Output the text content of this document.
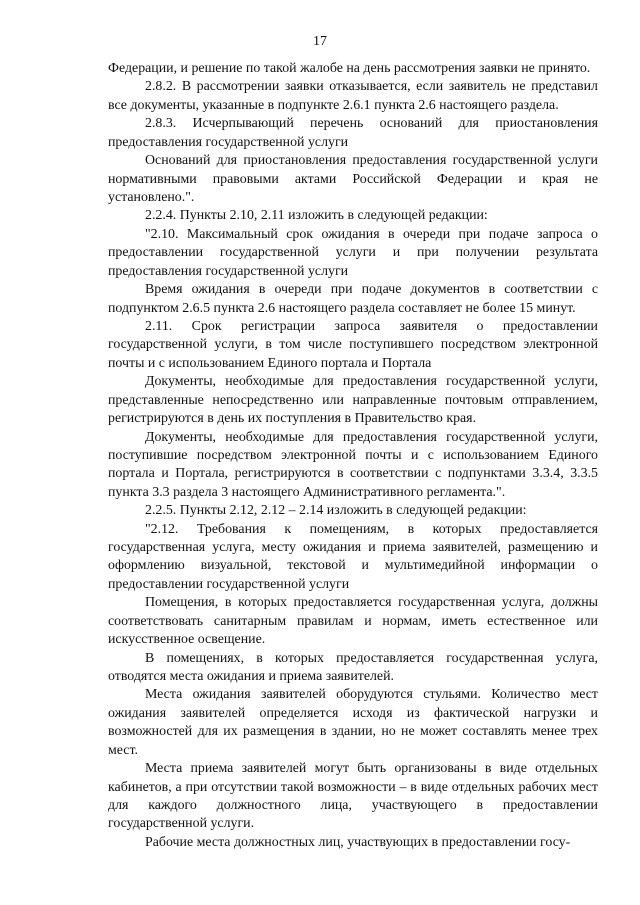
17

Федерации, и решение по такой жалобе на день рассмотрения заявки не принято.

2.8.2. В рассмотрении заявки отказывается, если заявитель не представил все документы, указанные в подпункте 2.6.1 пункта 2.6 настоящего раздела.

2.8.3. Исчерпывающий перечень оснований для приостановления предоставления государственной услуги

Оснований для приостановления предоставления государственной услуги нормативными правовыми актами Российской Федерации и края не установлено.".

2.2.4. Пункты 2.10, 2.11 изложить в следующей редакции:

"2.10. Максимальный срок ожидания в очереди при подаче запроса о предоставлении государственной услуги и при получении результата предоставления государственной услуги

Время ожидания в очереди при подаче документов в соответствии с подпунктом 2.6.5 пункта 2.6 настоящего раздела составляет не более 15 минут.

2.11. Срок регистрации запроса заявителя о предоставлении государственной услуги, в том числе поступившего посредством электронной почты и с использованием Единого портала и Портала

Документы, необходимые для предоставления государственной услуги, представленные непосредственно или направленные почтовым отправлением, регистрируются в день их поступления в Правительство края.

Документы, необходимые для предоставления государственной услуги, поступившие посредством электронной почты и с использованием Единого портала и Портала, регистрируются в соответствии с подпунктами 3.3.4, 3.3.5 пункта 3.3 раздела 3 настоящего Административного регламента.".

2.2.5. Пункты 2.12, 2.12 – 2.14 изложить в следующей редакции:

"2.12. Требования к помещениям, в которых предоставляется государственная услуга, месту ожидания и приема заявителей, размещению и оформлению визуальной, текстовой и мультимедийной информации о предоставлении государственной услуги

Помещения, в которых предоставляется государственная услуга, должны соответствовать санитарным правилам и нормам, иметь естественное или искусственное освещение.

В помещениях, в которых предоставляется государственная услуга, отводятся места ожидания и приема заявителей.

Места ожидания заявителей оборудуются стульями. Количество мест ожидания заявителей определяется исходя из фактической нагрузки и возможностей для их размещения в здании, но не может составлять менее трех мест.

Места приема заявителей могут быть организованы в виде отдельных кабинетов, а при отсутствии такой возможности – в виде отдельных рабочих мест для каждого должностного лица, участвующего в предоставлении государственной услуги.

Рабочие места должностных лиц, участвующих в предоставлении госу-
